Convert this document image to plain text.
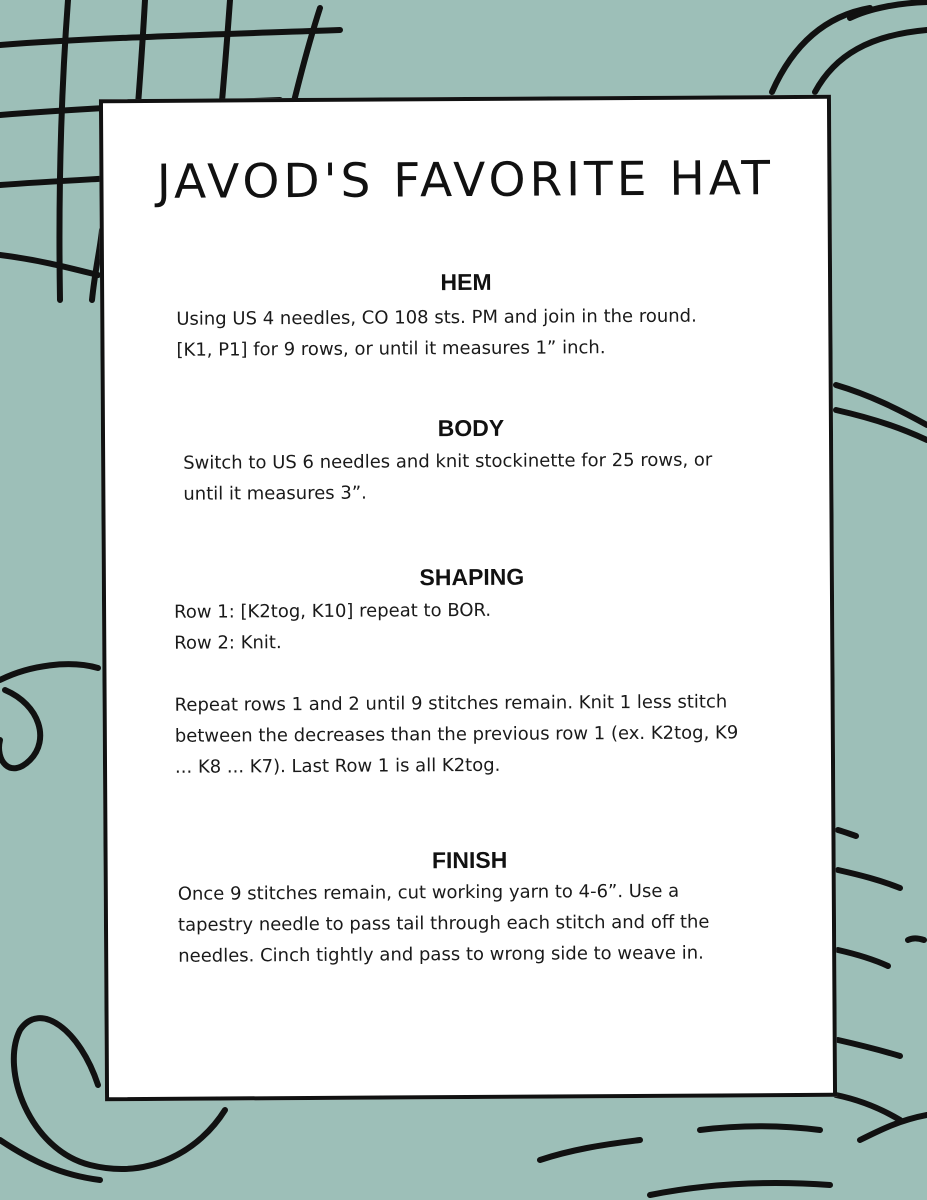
JAVOD'S FAVORITE HAT
HEM

Using US 4 needles, CO 108 sts. PM and join in the round.

[K1, P1] for 9 rows, or until it measures 1” inch.

BODY

Switch to US 6 needles and knit stockinette for 25 rows, or

until it measures 3”.

SHAPING

Row 1: [K2tog, K10] repeat to BOR.

Row 2: Knit.

Repeat rows 1 and 2 until 9 stitches remain. Knit 1 less stitch

between the decreases than the previous row 1 (ex. K2tog, K9

... K8 ... K7). Last Row 1 is all K2tog.

FINISH

Once 9 stitches remain, cut working yarn to 4-6”. Use a

tapestry needle to pass tail through each stitch and off the

needles. Cinch tightly and pass to wrong side to weave in.
